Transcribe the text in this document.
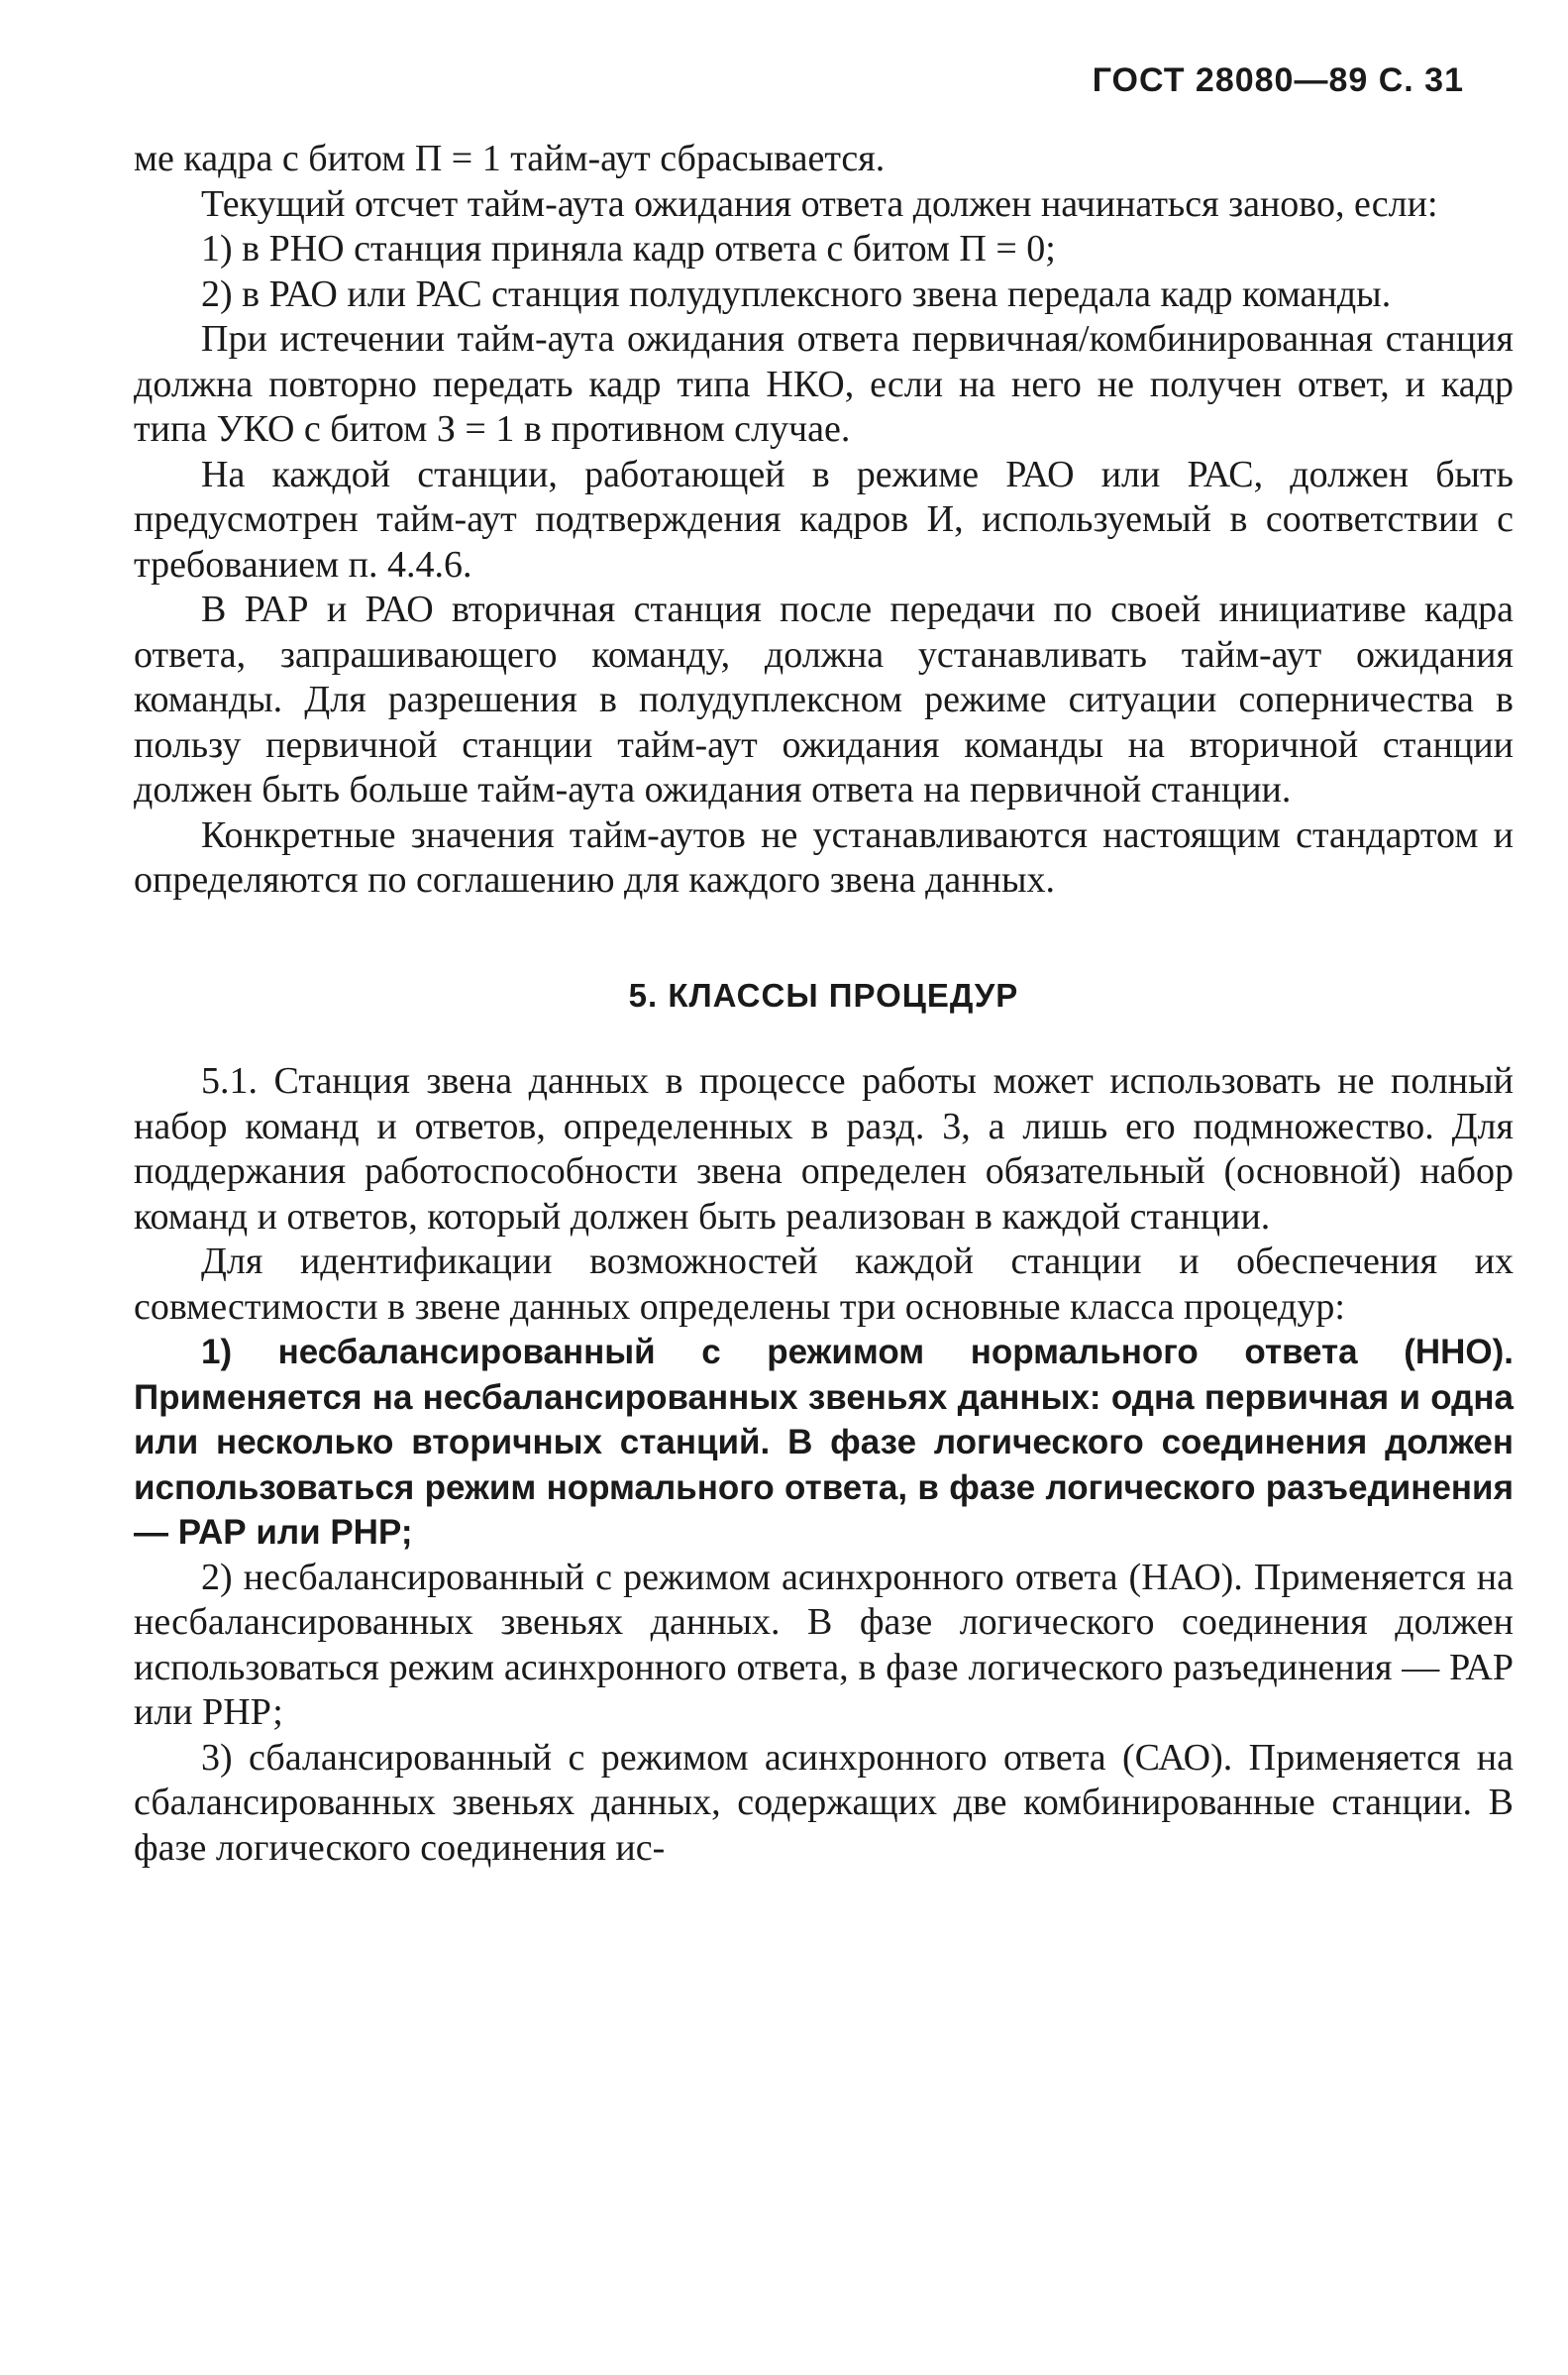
ГОСТ 28080—89 С. 31

ме кадра с битом П = 1 тайм-аут сбрасывается.

Текущий отсчет тайм-аута ожидания ответа должен начинаться заново, если:

1) в РНО станция приняла кадр ответа с битом П = 0;

2) в РАО или РАС станция полудуплексного звена передала кадр команды.

При истечении тайм-аута ожидания ответа первичная/комбинированная станция должна повторно передать кадр типа НКО, если на него не получен ответ, и кадр типа УКО с битом З = 1 в противном случае.

На каждой станции, работающей в режиме РАО или РАС, должен быть предусмотрен тайм-аут подтверждения кадров И, используемый в соответствии с требованием п. 4.4.6.

В РАР и РАО вторичная станция после передачи по своей инициативе кадра ответа, запрашивающего команду, должна устанавливать тайм-аут ожидания команды. Для разрешения в полудуплексном режиме ситуации соперничества в пользу первичной станции тайм-аут ожидания команды на вторичной станции должен быть больше тайм-аута ожидания ответа на первичной станции.

Конкретные значения тайм-аутов не устанавливаются настоящим стандартом и определяются по соглашению для каждого звена данных.

5. КЛАССЫ ПРОЦЕДУР

5.1. Станция звена данных в процессе работы может использовать не полный набор команд и ответов, определенных в разд. 3, а лишь его подмножество. Для поддержания работоспособности звена определен обязательный (основной) набор команд и ответов, который должен быть реализован в каждой станции.

Для идентификации возможностей каждой станции и обеспечения их совместимости в звене данных определены три основные класса процедур:

1) несбалансированный с режимом нормального ответа (ННО). Применяется на несбалансированных звеньях данных: одна первичная и одна или несколько вторичных станций. В фазе логического соединения должен использоваться режим нормального ответа, в фазе логического разъединения — РАР или РНР;

2) несбалансированный с режимом асинхронного ответа (НАО). Применяется на несбалансированных звеньях данных. В фазе логического соединения должен использоваться режим асинхронного ответа, в фазе логического разъединения — РАР или РНР;

3) сбалансированный с режимом асинхронного ответа (САО). Применяется на сбалансированных звеньях данных, содержащих две комбинированные станции. В фазе логического соединения ис-
